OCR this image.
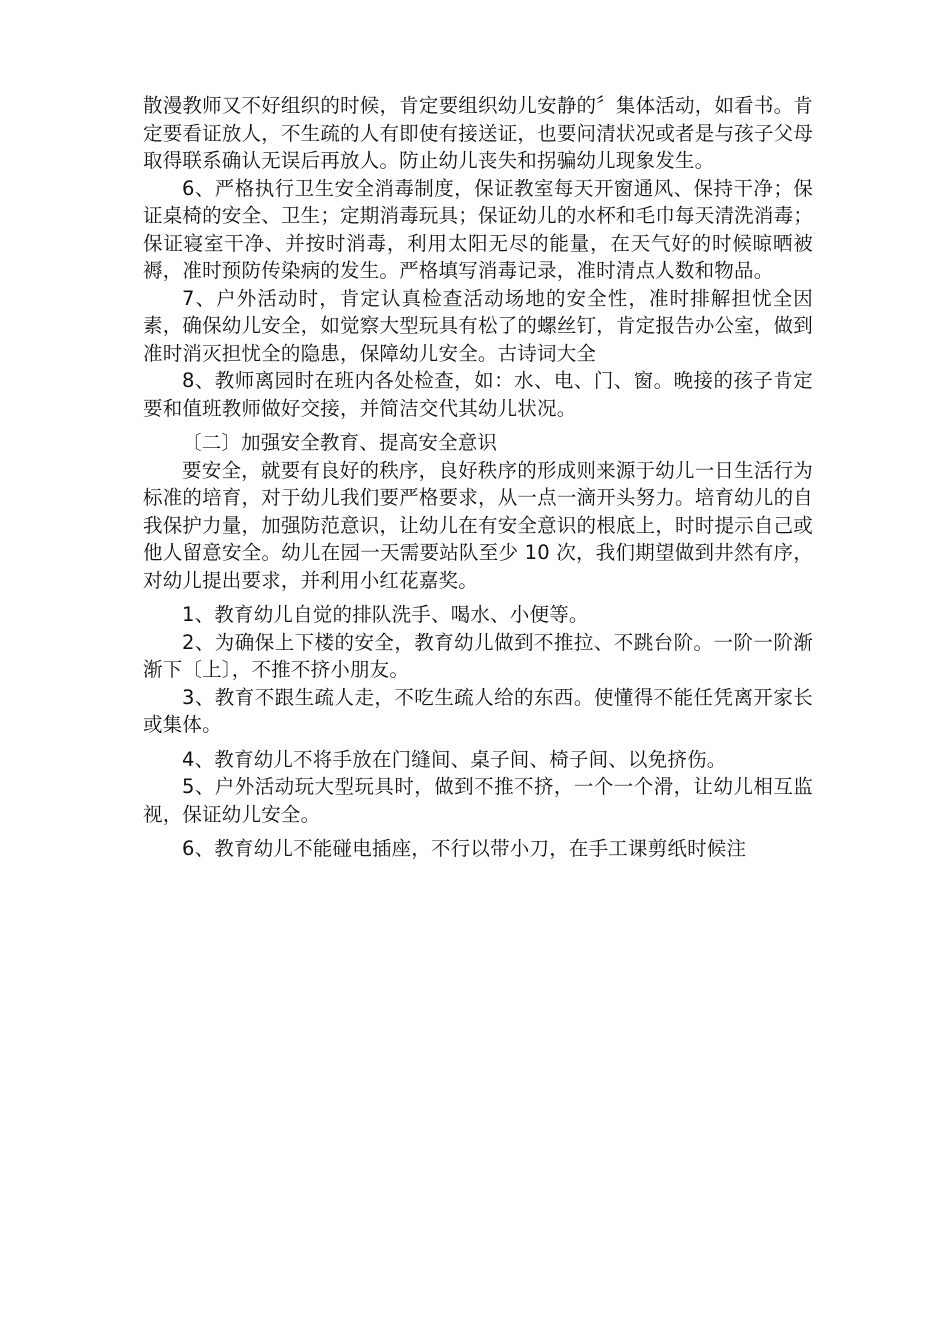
散漫教师又不好组织的时候，肯定要组织幼儿安静的〞集体活动，如看书。肯定要看证放人，不生疏的人有即使有接送证，也要问清状况或者是与孩子父母取得联系确认无误后再放人。防止幼儿丧失和拐骗幼儿现象发生。

6、严格执行卫生安全消毒制度，保证教室每天开窗通风、保持干净；保证桌椅的安全、卫生；定期消毒玩具；保证幼儿的水杯和毛巾每天清洗消毒；保证寝室干净、并按时消毒，利用太阳无尽的能量，在天气好的时候晾晒被褥，准时预防传染病的发生。严格填写消毒记录，准时清点人数和物品。

7、户外活动时，肯定认真检查活动场地的安全性，准时排解担忧全因素，确保幼儿安全，如觉察大型玩具有松了的螺丝钉，肯定报告办公室，做到准时消灭担忧全的隐患，保障幼儿安全。古诗词大全

8、教师离园时在班内各处检查，如：水、电、门、窗。晚接的孩子肯定要和值班教师做好交接，并简洁交代其幼儿状况。

〔二〕加强安全教育、提高安全意识

要安全，就要有良好的秩序，良好秩序的形成则来源于幼儿一日生活行为标准的培育，对于幼儿我们要严格要求，从一点一滴开头努力。培育幼儿的自我保护力量，加强防范意识，让幼儿在有安全意识的根底上，时时提示自己或他人留意安全。幼儿在园一天需要站队至少 10 次，我们期望做到井然有序，对幼儿提出要求，并利用小红花嘉奖。

1、教育幼儿自觉的排队洗手、喝水、小便等。

2、为确保上下楼的安全，教育幼儿做到不推拉、不跳台阶。一阶一阶渐渐下〔上〕，不推不挤小朋友。

3、教育不跟生疏人走，不吃生疏人给的东西。使懂得不能任凭离开家长或集体。

4、教育幼儿不将手放在门缝间、桌子间、椅子间、以免挤伤。

5、户外活动玩大型玩具时，做到不推不挤，一个一个滑，让幼儿相互监视，保证幼儿安全。

6、教育幼儿不能碰电插座，不行以带小刀，在手工课剪纸时候注
